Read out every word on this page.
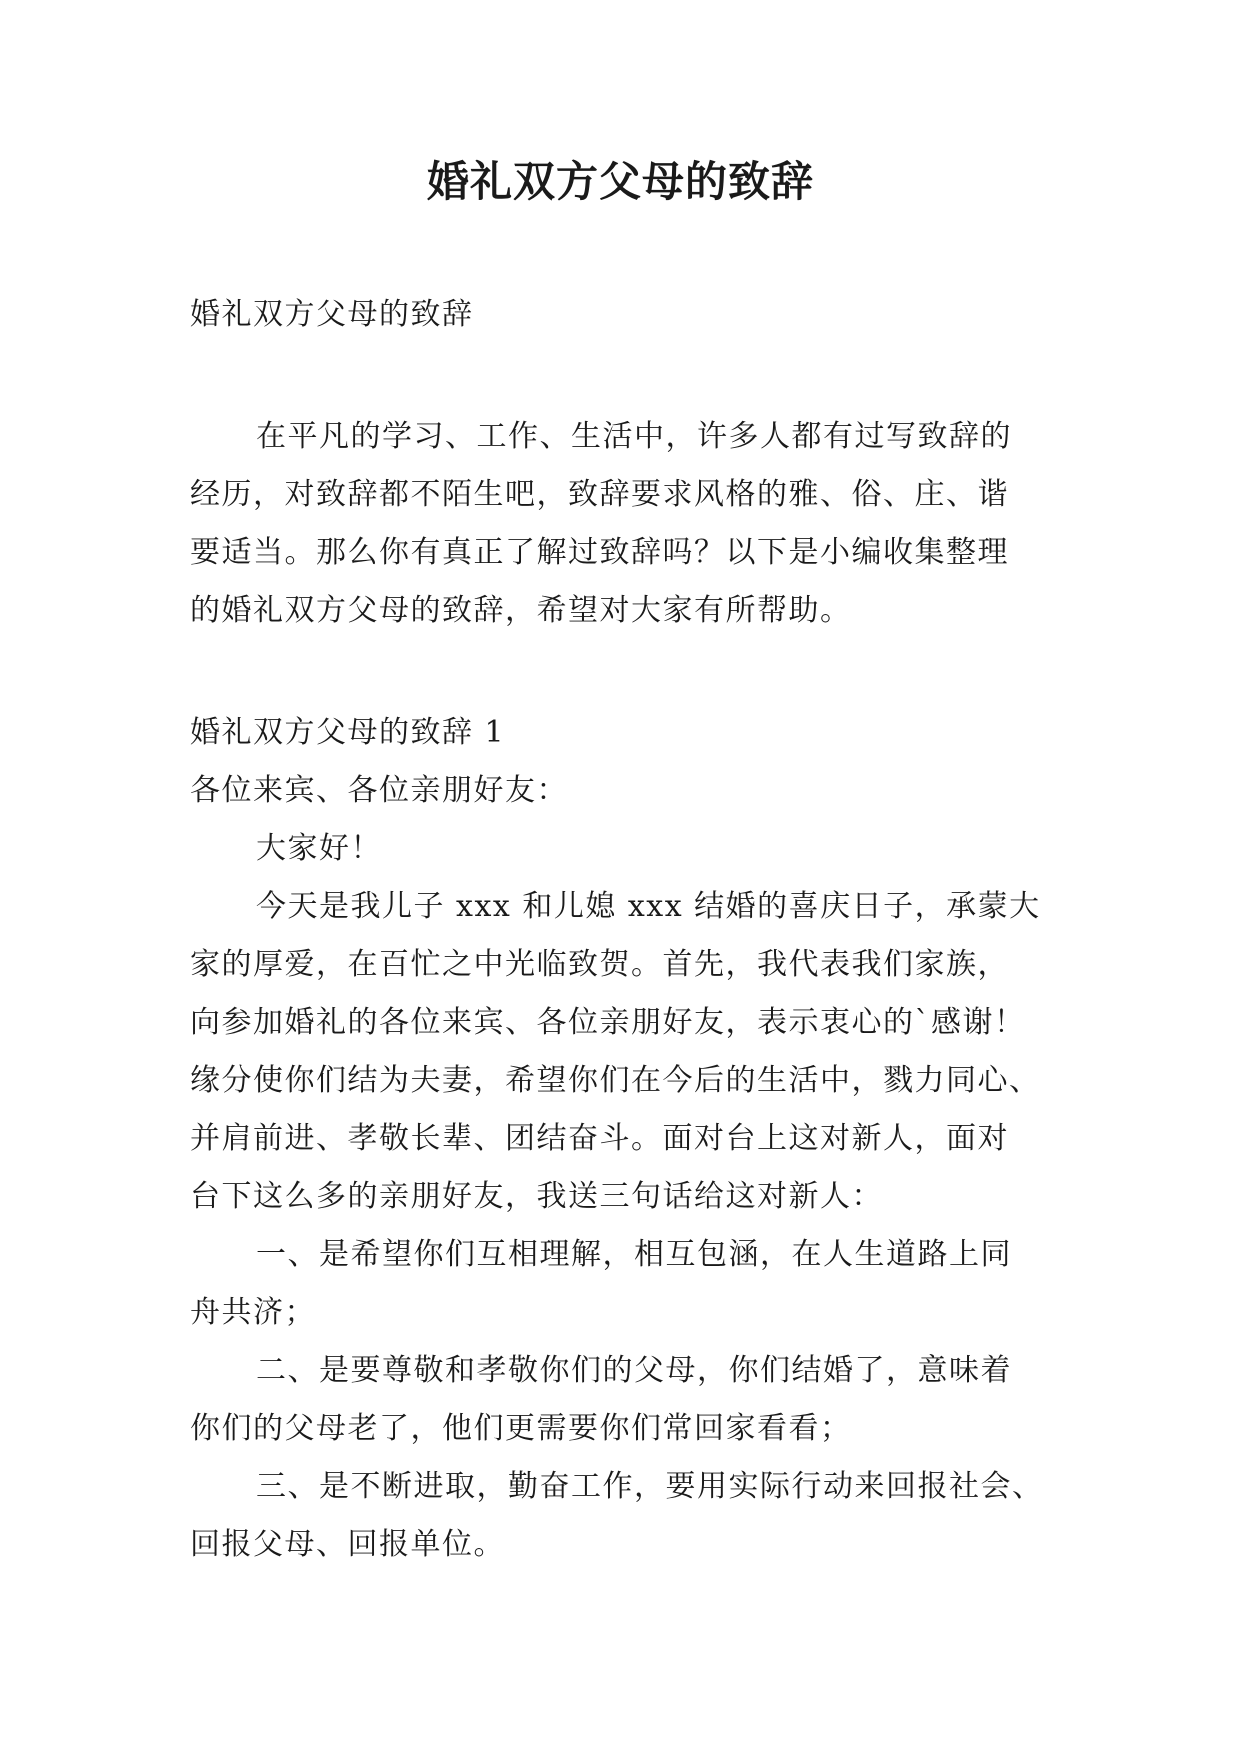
婚礼双方父母的致辞

婚礼双方父母的致辞

在平凡的学习、工作、生活中，许多人都有过写致辞的

经历，对致辞都不陌生吧，致辞要求风格的雅、俗、庄、谐

要适当。那么你有真正了解过致辞吗？以下是小编收集整理

的婚礼双方父母的致辞，希望对大家有所帮助。

婚礼双方父母的致辞 1

各位来宾、各位亲朋好友：

大家好！

今天是我儿子 xxx 和儿媳 xxx 结婚的喜庆日子，承蒙大

家的厚爱，在百忙之中光临致贺。首先，我代表我们家族，

向参加婚礼的各位来宾、各位亲朋好友，表示衷心的`感谢！

缘分使你们结为夫妻，希望你们在今后的生活中，戮力同心、

并肩前进、孝敬长辈、团结奋斗。面对台上这对新人，面对

台下这么多的亲朋好友，我送三句话给这对新人：

一、是希望你们互相理解，相互包涵，在人生道路上同

舟共济；

二、是要尊敬和孝敬你们的父母，你们结婚了，意味着

你们的父母老了，他们更需要你们常回家看看；

三、是不断进取，勤奋工作，要用实际行动来回报社会、

回报父母、回报单位。
